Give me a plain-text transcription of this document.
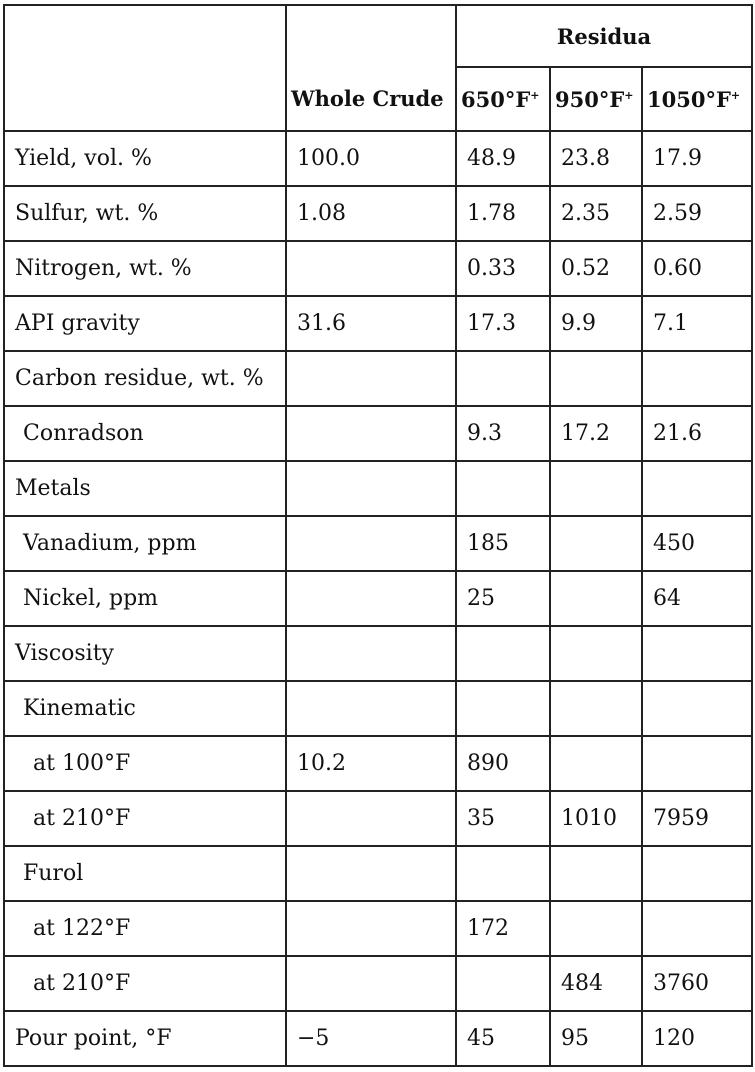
		Residua		
	Whole Crude	650°F+	950°F+	1050°F+
Yield, vol. %	100.0	48.9	23.8	17.9
Sulfur, wt. %	1.08	1.78	2.35	2.59
Nitrogen, wt. %		0.33	0.52	0.60
API gravity	31.6	17.3	9.9	7.1
Carbon residue, wt. %				
Conradson		9.3	17.2	21.6
Metals				
Vanadium, ppm		185		450
Nickel, ppm		25		64
Viscosity				
Kinematic				
at 100°F	10.2	890		
at 210°F		35	1010	7959
Furol				
at 122°F		172		
at 210°F			484	3760
Pour point, °F	−5	45	95	120
